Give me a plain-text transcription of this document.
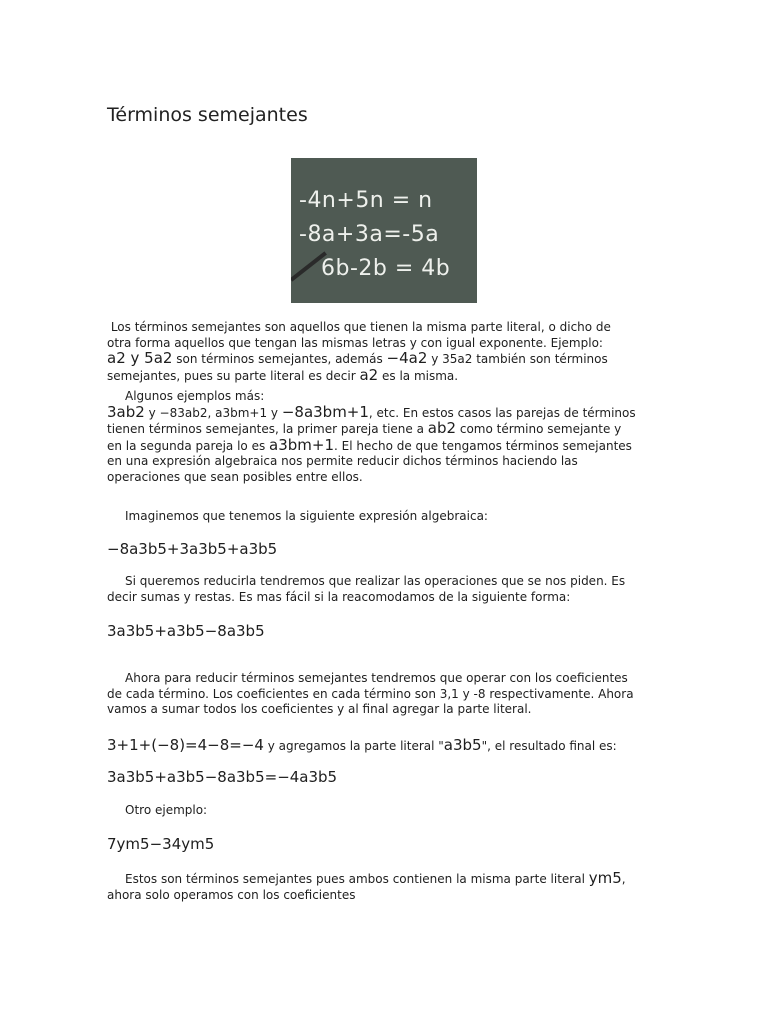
Términos semejantes
-4n+5n = n
-8a+3a=-5a
6b-2b = 4b
Los términos semejantes son aquellos que tienen la misma parte literal, o dicho de
otra forma aquellos que tengan las mismas letras y con igual exponente. Ejemplo:
a2 y 5a2 son términos semejantes, además −4a2 y 35a2 también son términos
semejantes, pues su parte literal es decir a2 es la misma.
Algunos ejemplos más:
3ab2 y −83ab2, a3bm+1 y −8a3bm+1, etc. En estos casos las parejas de términos
tienen términos semejantes, la primer pareja tiene a ab2 como término semejante y
en la segunda pareja lo es a3bm+1. El hecho de que tengamos términos semejantes
en una expresión algebraica nos permite reducir dichos términos haciendo las
operaciones que sean posibles entre ellos.
Imaginemos que tenemos la siguiente expresión algebraica:
−8a3b5+3a3b5+a3b5
Si queremos reducirla tendremos que realizar las operaciones que se nos piden. Es
decir sumas y restas. Es mas fácil si la reacomodamos de la siguiente forma:
3a3b5+a3b5−8a3b5
Ahora para reducir términos semejantes tendremos que operar con los coeficientes
de cada término. Los coeficientes en cada término son 3,1 y -8 respectivamente. Ahora
vamos a sumar todos los coeficientes y al final agregar la parte literal.
3+1+(−8)=4−8=−4 y agregamos la parte literal "a3b5", el resultado final es:
3a3b5+a3b5−8a3b5=−4a3b5
Otro ejemplo:
7ym5−34ym5
Estos son términos semejantes pues ambos contienen la misma parte literal ym5,
ahora solo operamos con los coeficientes
